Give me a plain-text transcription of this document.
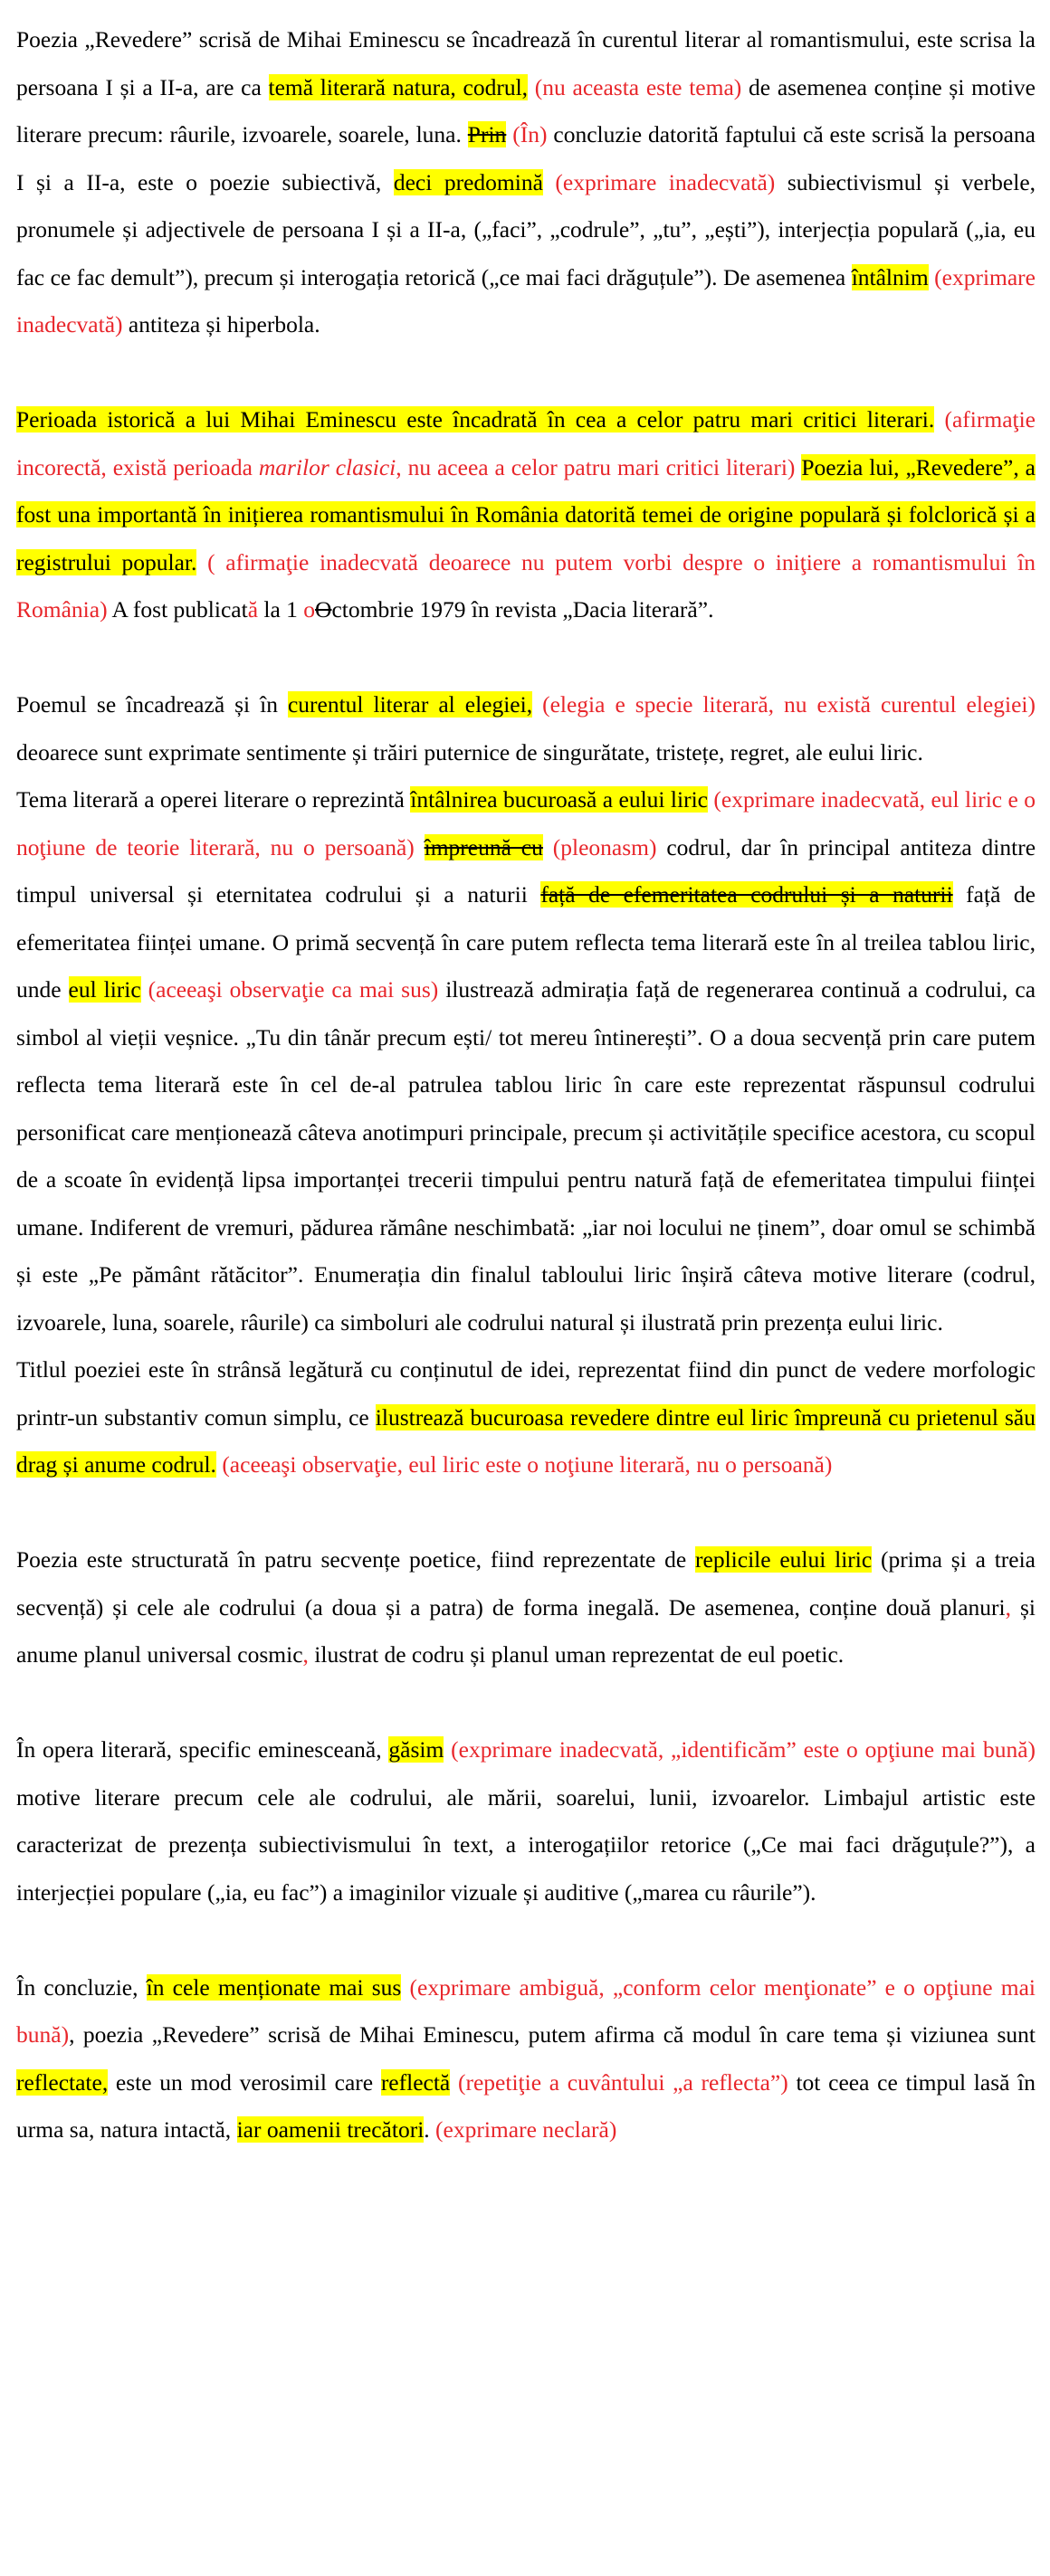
Poezia „Revedere” scrisă de Mihai Eminescu se încadrează în curentul literar al romantismului, este scrisa la persoana I și a II-a, are ca temă literară natura, codrul, (nu aceasta este tema) de asemenea conține și motive literare precum: râurile, izvoarele, soarele, luna. Prin (În) concluzie datorită faptului că este scrisă la persoana I și a II-a, este o poezie subiectivă, deci predomină (exprimare inadecvată) subiectivismul și verbele, pronumele și adjectivele de persoana I și a II-a, („faci”, „codrule”, „tu”, „ești”), interjecția populară („ia, eu fac ce fac demult”), precum și interogația retorică („ce mai faci drăguțule”). De asemenea întâlnim (exprimare inadecvată) antiteza și hiperbola.

Perioada istorică a lui Mihai Eminescu este încadrată în cea a celor patru mari critici literari. (afirmaţie incorectă, există perioada marilor clasici, nu aceea a celor patru mari critici literari) Poezia lui, „Revedere”, a fost una importantă în inițierea romantismului în România datorită temei de origine populară și folclorică și a registrului popular. ( afirmaţie inadecvată deoarece nu putem vorbi despre o iniţiere a romantismului în România) A fost publicată la 1 oOctombrie 1979 în revista „Dacia literară”.

Poemul se încadrează și în curentul literar al elegiei, (elegia e specie literară, nu există curentul elegiei) deoarece sunt exprimate sentimente și trăiri puternice de singurătate, tristețe, regret, ale eului liric.

Tema literară a operei literare o reprezintă întâlnirea bucuroasă a eului liric (exprimare inadecvată, eul liric e o noţiune de teorie literară, nu o persoană) împreună cu (pleonasm) codrul, dar în principal antiteza dintre timpul universal și eternitatea codrului și a naturii față de efemeritatea codrului și a naturii față de efemeritatea ființei umane. O primă secvență în care putem reflecta tema literară este în al treilea tablou liric, unde eul liric (aceeaşi observaţie ca mai sus) ilustrează admirația față de regenerarea continuă a codrului, ca simbol al vieții veșnice. „Tu din tânăr precum ești/ tot mereu întinerești”. O a doua secvență prin care putem reflecta tema literară este în cel de-al patrulea tablou liric în care este reprezentat răspunsul codrului personificat care menționează câteva anotimpuri principale, precum și activitățile specifice acestora, cu scopul de a scoate în evidență lipsa importanței trecerii timpului pentru natură față de efemeritatea timpului ființei umane. Indiferent de vremuri, pădurea rămâne neschimbată: „iar noi locului ne ținem”, doar omul se schimbă și este „Pe pământ rătăcitor”. Enumerația din finalul tabloului liric înșiră câteva motive literare (codrul, izvoarele, luna, soarele, râurile) ca simboluri ale codrului natural și ilustrată prin prezența eului liric.

Titlul poeziei este în strânsă legătură cu conținutul de idei, reprezentat fiind din punct de vedere morfologic printr-un substantiv comun simplu, ce ilustrează bucuroasa revedere dintre eul liric împreună cu prietenul său drag și anume codrul. (aceeaşi observaţie, eul liric este o noţiune literară, nu o persoană)

Poezia este structurată în patru secvențe poetice, fiind reprezentate de replicile eului liric (prima și a treia secvență) și cele ale codrului (a doua și a patra) de forma inegală. De asemenea, conține două planuri, și anume planul universal cosmic, ilustrat de codru și planul uman reprezentat de eul poetic.

În opera literară, specific eminesceană, găsim (exprimare inadecvată, „identificăm” este o opţiune mai bună) motive literare precum cele ale codrului, ale mării, soarelui, lunii, izvoarelor. Limbajul artistic este caracterizat de prezența subiectivismului în text, a interogațiilor retorice („Ce mai faci drăguțule?”), a interjecției populare („ia, eu fac”) a imaginilor vizuale și auditive („marea cu râurile”).

În concluzie, în cele menționate mai sus (exprimare ambiguă, „conform celor menţionate” e o opţiune mai bună), poezia „Revedere” scrisă de Mihai Eminescu, putem afirma că modul în care tema și viziunea sunt reflectate, este un mod verosimil care reflectă (repetiţie a cuvântului „a reflecta”) tot ceea ce timpul lasă în urma sa, natura intactă, iar oamenii trecători. (exprimare neclară)
